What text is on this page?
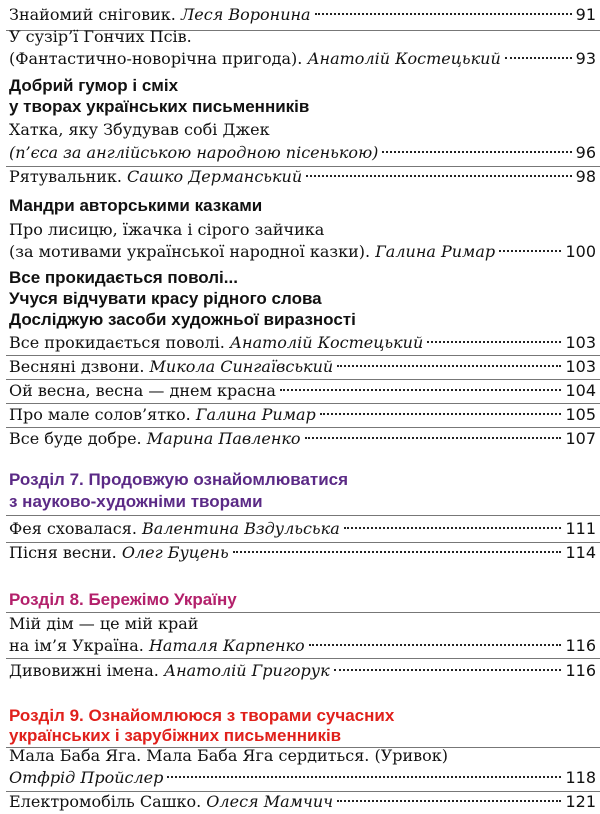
Знайомий сніговик. Леся Воронина	91
У сузір’ї Гончих Псів.
(Фантастично-новорічна пригода). Анатолій Костецький	93
Добрий гумор і сміх
у творах українських письменників
Хатка, яку Збудував собі Джек
(п’єса за англійською народною пісенькою)	96
Рятувальник. Сашко Дерманський	98
Мандри авторськими казками
Про лисицю, їжачка і сірого зайчика
(за мотивами української народної казки). Галина Римар	100
Все прокидається поволі...
Учуся відчувати красу рідного слова
Досліджую засоби художньої виразності
Все прокидається поволі. Анатолій Костецький	103
Весняні дзвони. Микола Сингаївський	103
Ой весна, весна — днем красна	104
Про мале солов’ятко. Галина Римар	105
Все буде добре. Марина Павленко	107
Розділ 7. Продовжую ознайомлюватися
з науково-художніми творами
Фея сховалася. Валентина Вздульська	111
Пісня весни. Олег Буцень	114
Розділ 8. Бережімо Україну
Мій дім — це мій край
на ім’я Україна. Наталя Карпенко	116
Дивовижні імена. Анатолій Григорук	116
Розділ 9. Ознайомлююся з творами сучасних
українських і зарубіжних письменників
Мала Баба Яга. Мала Баба Яга сердиться. (Уривок)
Отфрід Пройслер	118
Електромобіль Сашко. Олеся Мамчич	121
